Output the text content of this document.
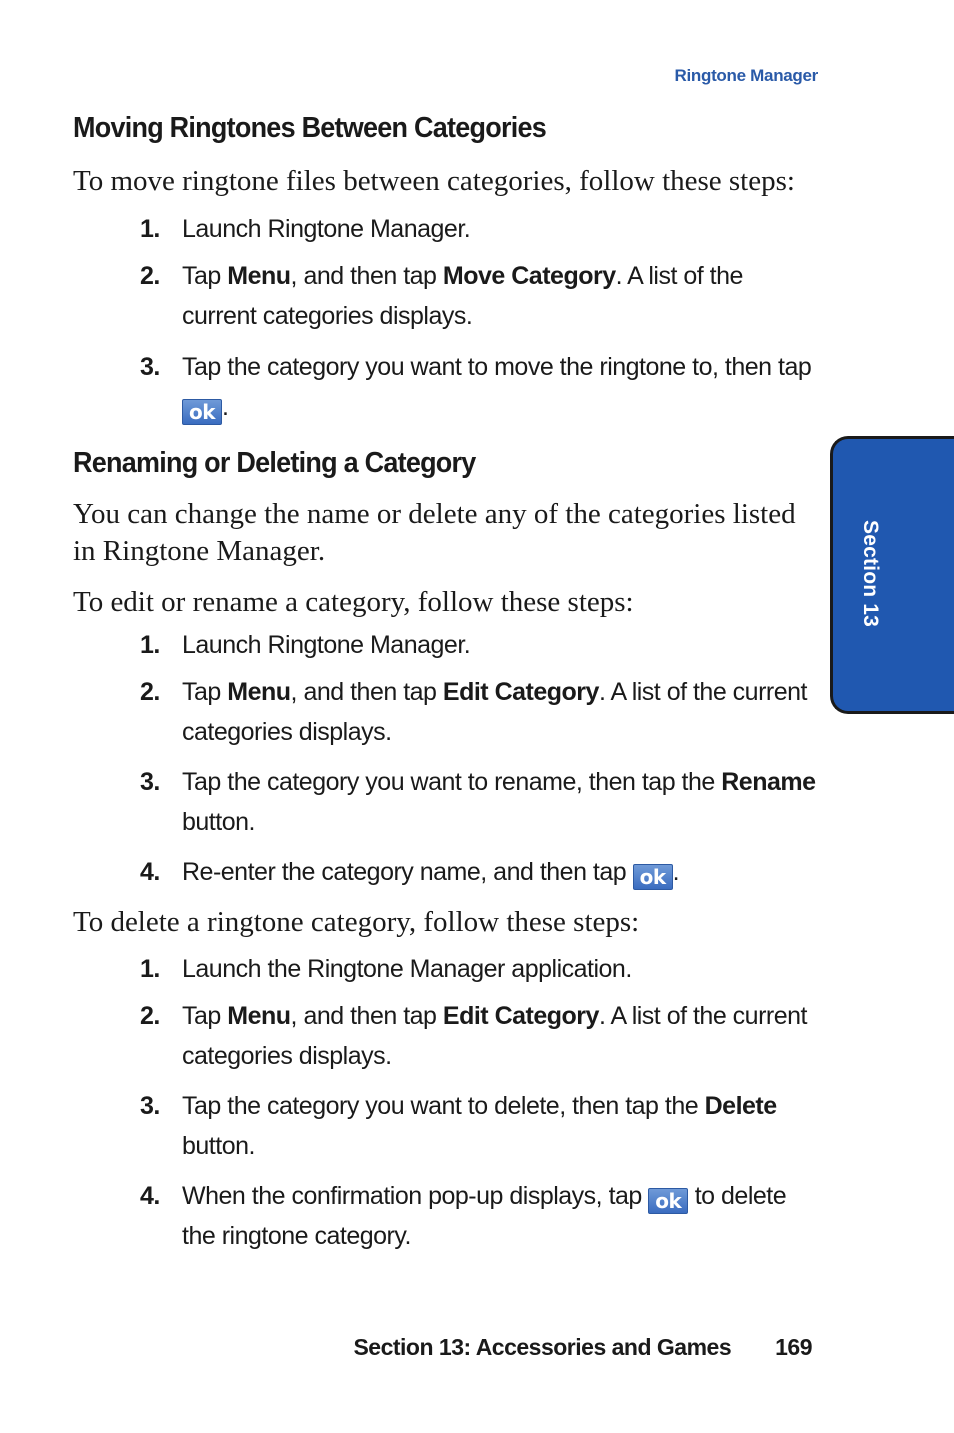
Ringtone Manager
Section 13
Moving Ringtones Between Categories

To move ringtone files between categories, follow these steps:

1. Launch Ringtone Manager.
2. Tap Menu, and then tap Move Category. A list of the current categories displays.
3. Tap the category you want to move the ringtone to, then tap ok .
Renaming or Deleting a Category

You can change the name or delete any of the categories listed in Ringtone Manager.

To edit or rename a category, follow these steps:

1. Launch Ringtone Manager.
2. Tap Menu, and then tap Edit Category. A list of the current categories displays.
3. Tap the category you want to rename, then tap the Rename button.
4. Re-enter the category name, and then tap ok .

To delete a ringtone category, follow these steps:

1. Launch the Ringtone Manager application.
2. Tap Menu, and then tap Edit Category. A list of the current categories displays.
3. Tap the category you want to delete, then tap the Delete button.
4. When the confirmation pop-up displays, tap ok to delete the ringtone category.
Section 13: Accessories and Games 169
